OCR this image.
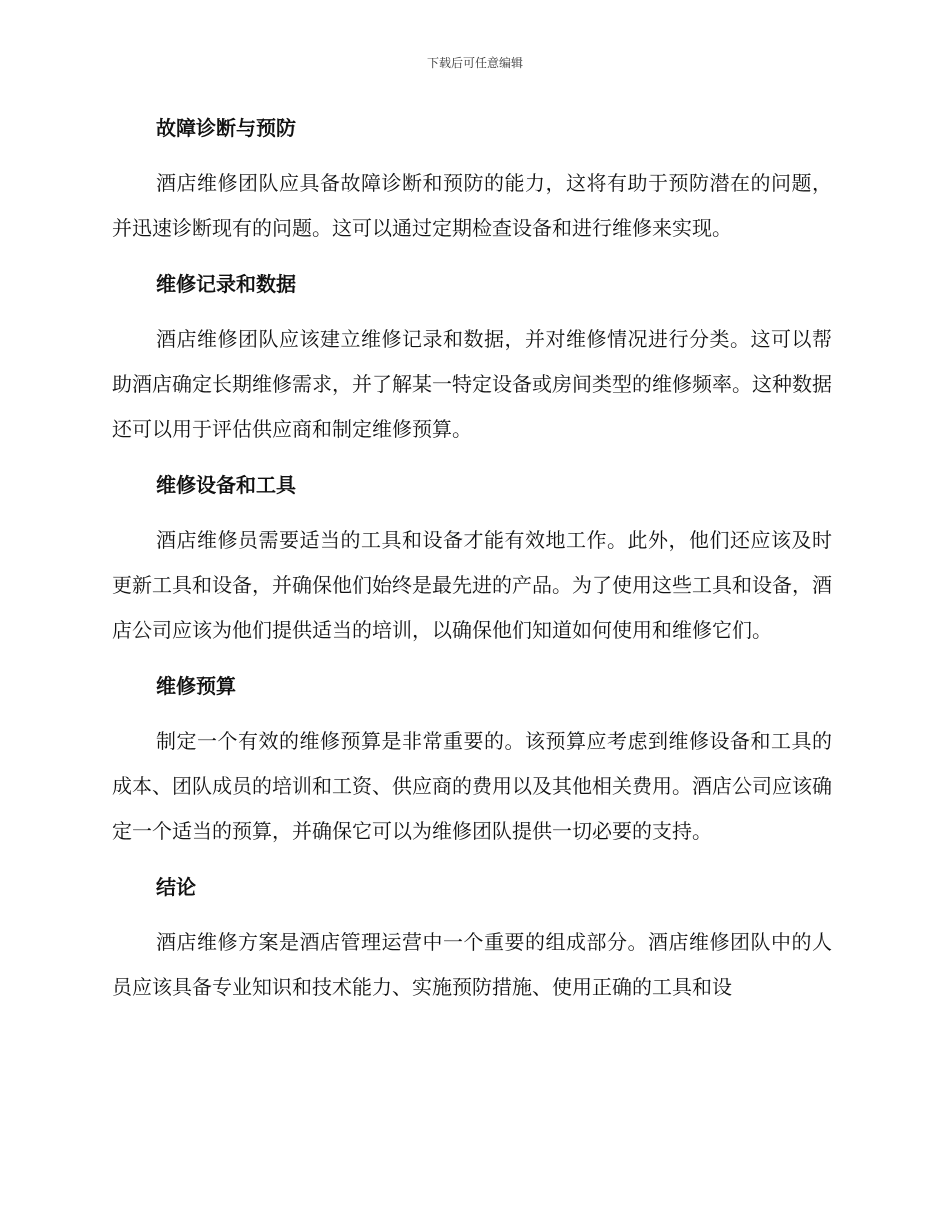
下载后可任意编辑
故障诊断与预防

酒店维修团队应具备故障诊断和预防的能力，这将有助于预防潜在的问题，并迅速诊断现有的问题。这可以通过定期检查设备和进行维修来实现。

维修记录和数据

酒店维修团队应该建立维修记录和数据，并对维修情况进行分类。这可以帮助酒店确定长期维修需求，并了解某一特定设备或房间类型的维修频率。这种数据还可以用于评估供应商和制定维修预算。

维修设备和工具

酒店维修员需要适当的工具和设备才能有效地工作。此外，他们还应该及时更新工具和设备，并确保他们始终是最先进的产品。为了使用这些工具和设备，酒店公司应该为他们提供适当的培训，以确保他们知道如何使用和维修它们。

维修预算

制定一个有效的维修预算是非常重要的。该预算应考虑到维修设备和工具的成本、团队成员的培训和工资、供应商的费用以及其他相关费用。酒店公司应该确定一个适当的预算，并确保它可以为维修团队提供一切必要的支持。

结论

酒店维修方案是酒店管理运营中一个重要的组成部分。酒店维修团队中的人员应该具备专业知识和技术能力、实施预防措施、使用正确的工具和设
